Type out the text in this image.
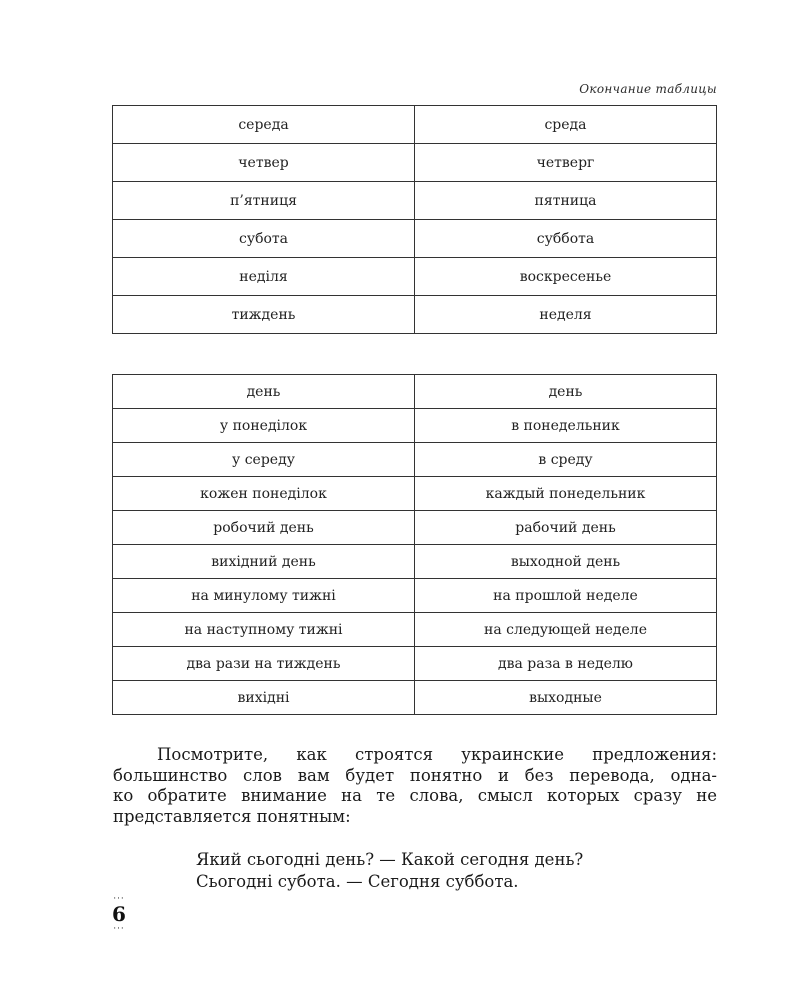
Окончание таблицы
середа	среда
четвер	четверг
п’ятниця	пятница
субота	суббота
неділя	воскресенье
тиждень	неделя
день	день
у понеділок	в понедельник
у середу	в среду
кожен понеділок	каждый понедельник
робочий день	рабочий день
вихідний день	выходной день
на минулому тижні	на прошлой неделе
на наступному тижні	на следующей неделе
два рази на тиждень	два раза в неделю
вихідні	выходные
Посмотрите, как строятся украинские предложения:
большинство слов вам будет понятно и без перевода, одна-
ко обратите внимание на те слова, смысл которых сразу не
представляется понятным:
Який сьогодні день? — Какой сегодня день?
Сьогодні субота. — Сегодня суббота.
···
6
···
